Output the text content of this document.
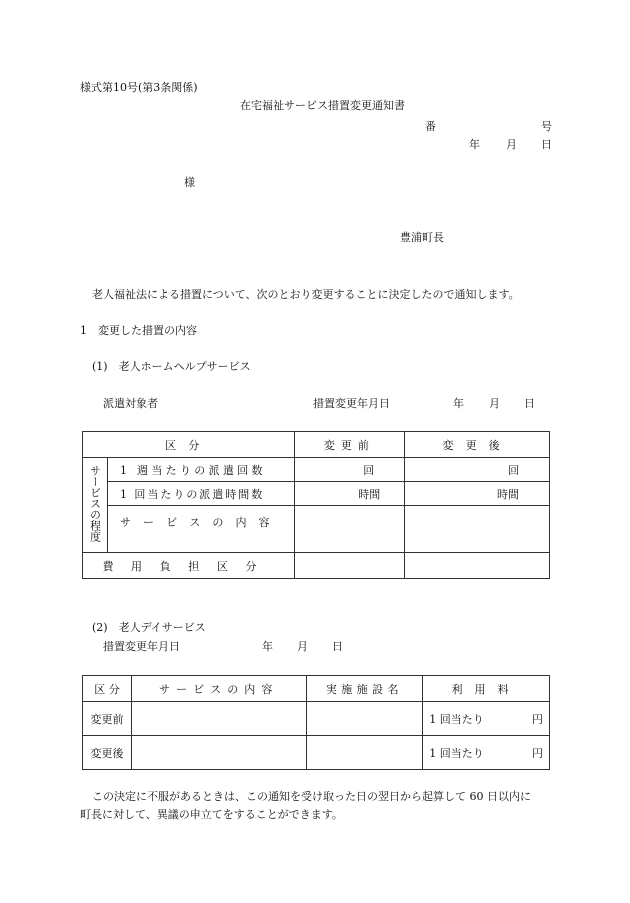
様式第10号(第3条関係)
在宅福祉サービス措置変更通知書
番	号
年 月 日
様
豊浦町長
老人福祉法による措置について、次のとおり変更することに決定したので通知します。
1　変更した措置の内容
(1)　老人ホームヘルプサービス
派遣対象者	措置変更年月日	年 月 日
区分		変更前	変更後
サービスの程度	1 週当たりの派遣回数	回	回
	1 回当たりの派遣時間数	時間	時間
	サービスの内容		
費用負担区分			
(2)　老人デイサービス
措置変更年月日	年 月 日
区 分	サービスの内容	実施施設名	利用料
変更前			1 回当たり 円

変更後			1 回当たり 円
この決定に不服があるときは、この通知を受け取った日の翌日から起算して 60 日以内に
町長に対して、異議の申立てをすることができます。
